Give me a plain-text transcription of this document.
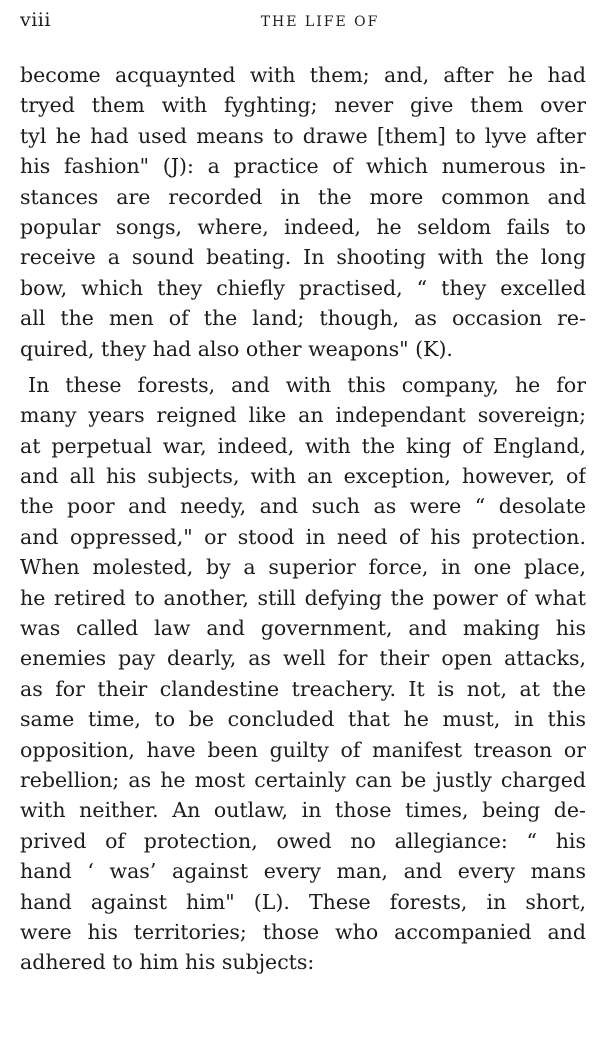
viii	THE LIFE OF
become acquaynted with them; and, after he had
tryed them with fyghting; never give them over
tyl he had used means to drawe [them] to lyve after
his fashion" (J): a practice of which numerous in-
stances are recorded in the more common and
popular songs, where, indeed, he seldom fails to
receive a sound beating. In shooting with the long
bow, which they chiefly practised, “ they excelled
all the men of the land; though, as occasion re-
quired, they had also other weapons" (K).
In these forests, and with this company, he for
many years reigned like an independant sovereign;
at perpetual war, indeed, with the king of England,
and all his subjects, with an exception, however, of
the poor and needy, and such as were “ desolate
and oppressed," or stood in need of his protection.
When molested, by a superior force, in one place,
he retired to another, still defying the power of what
was called law and government, and making his
enemies pay dearly, as well for their open attacks,
as for their clandestine treachery. It is not, at the
same time, to be concluded that he must, in this
opposition, have been guilty of manifest treason or
rebellion; as he most certainly can be justly charged
with neither. An outlaw, in those times, being de-
prived of protection, owed no allegiance: “ his
hand ‘ was’ against every man, and every mans
hand against him" (L). These forests, in short,
were his territories; those who accompanied and
adhered to him his subjects:
